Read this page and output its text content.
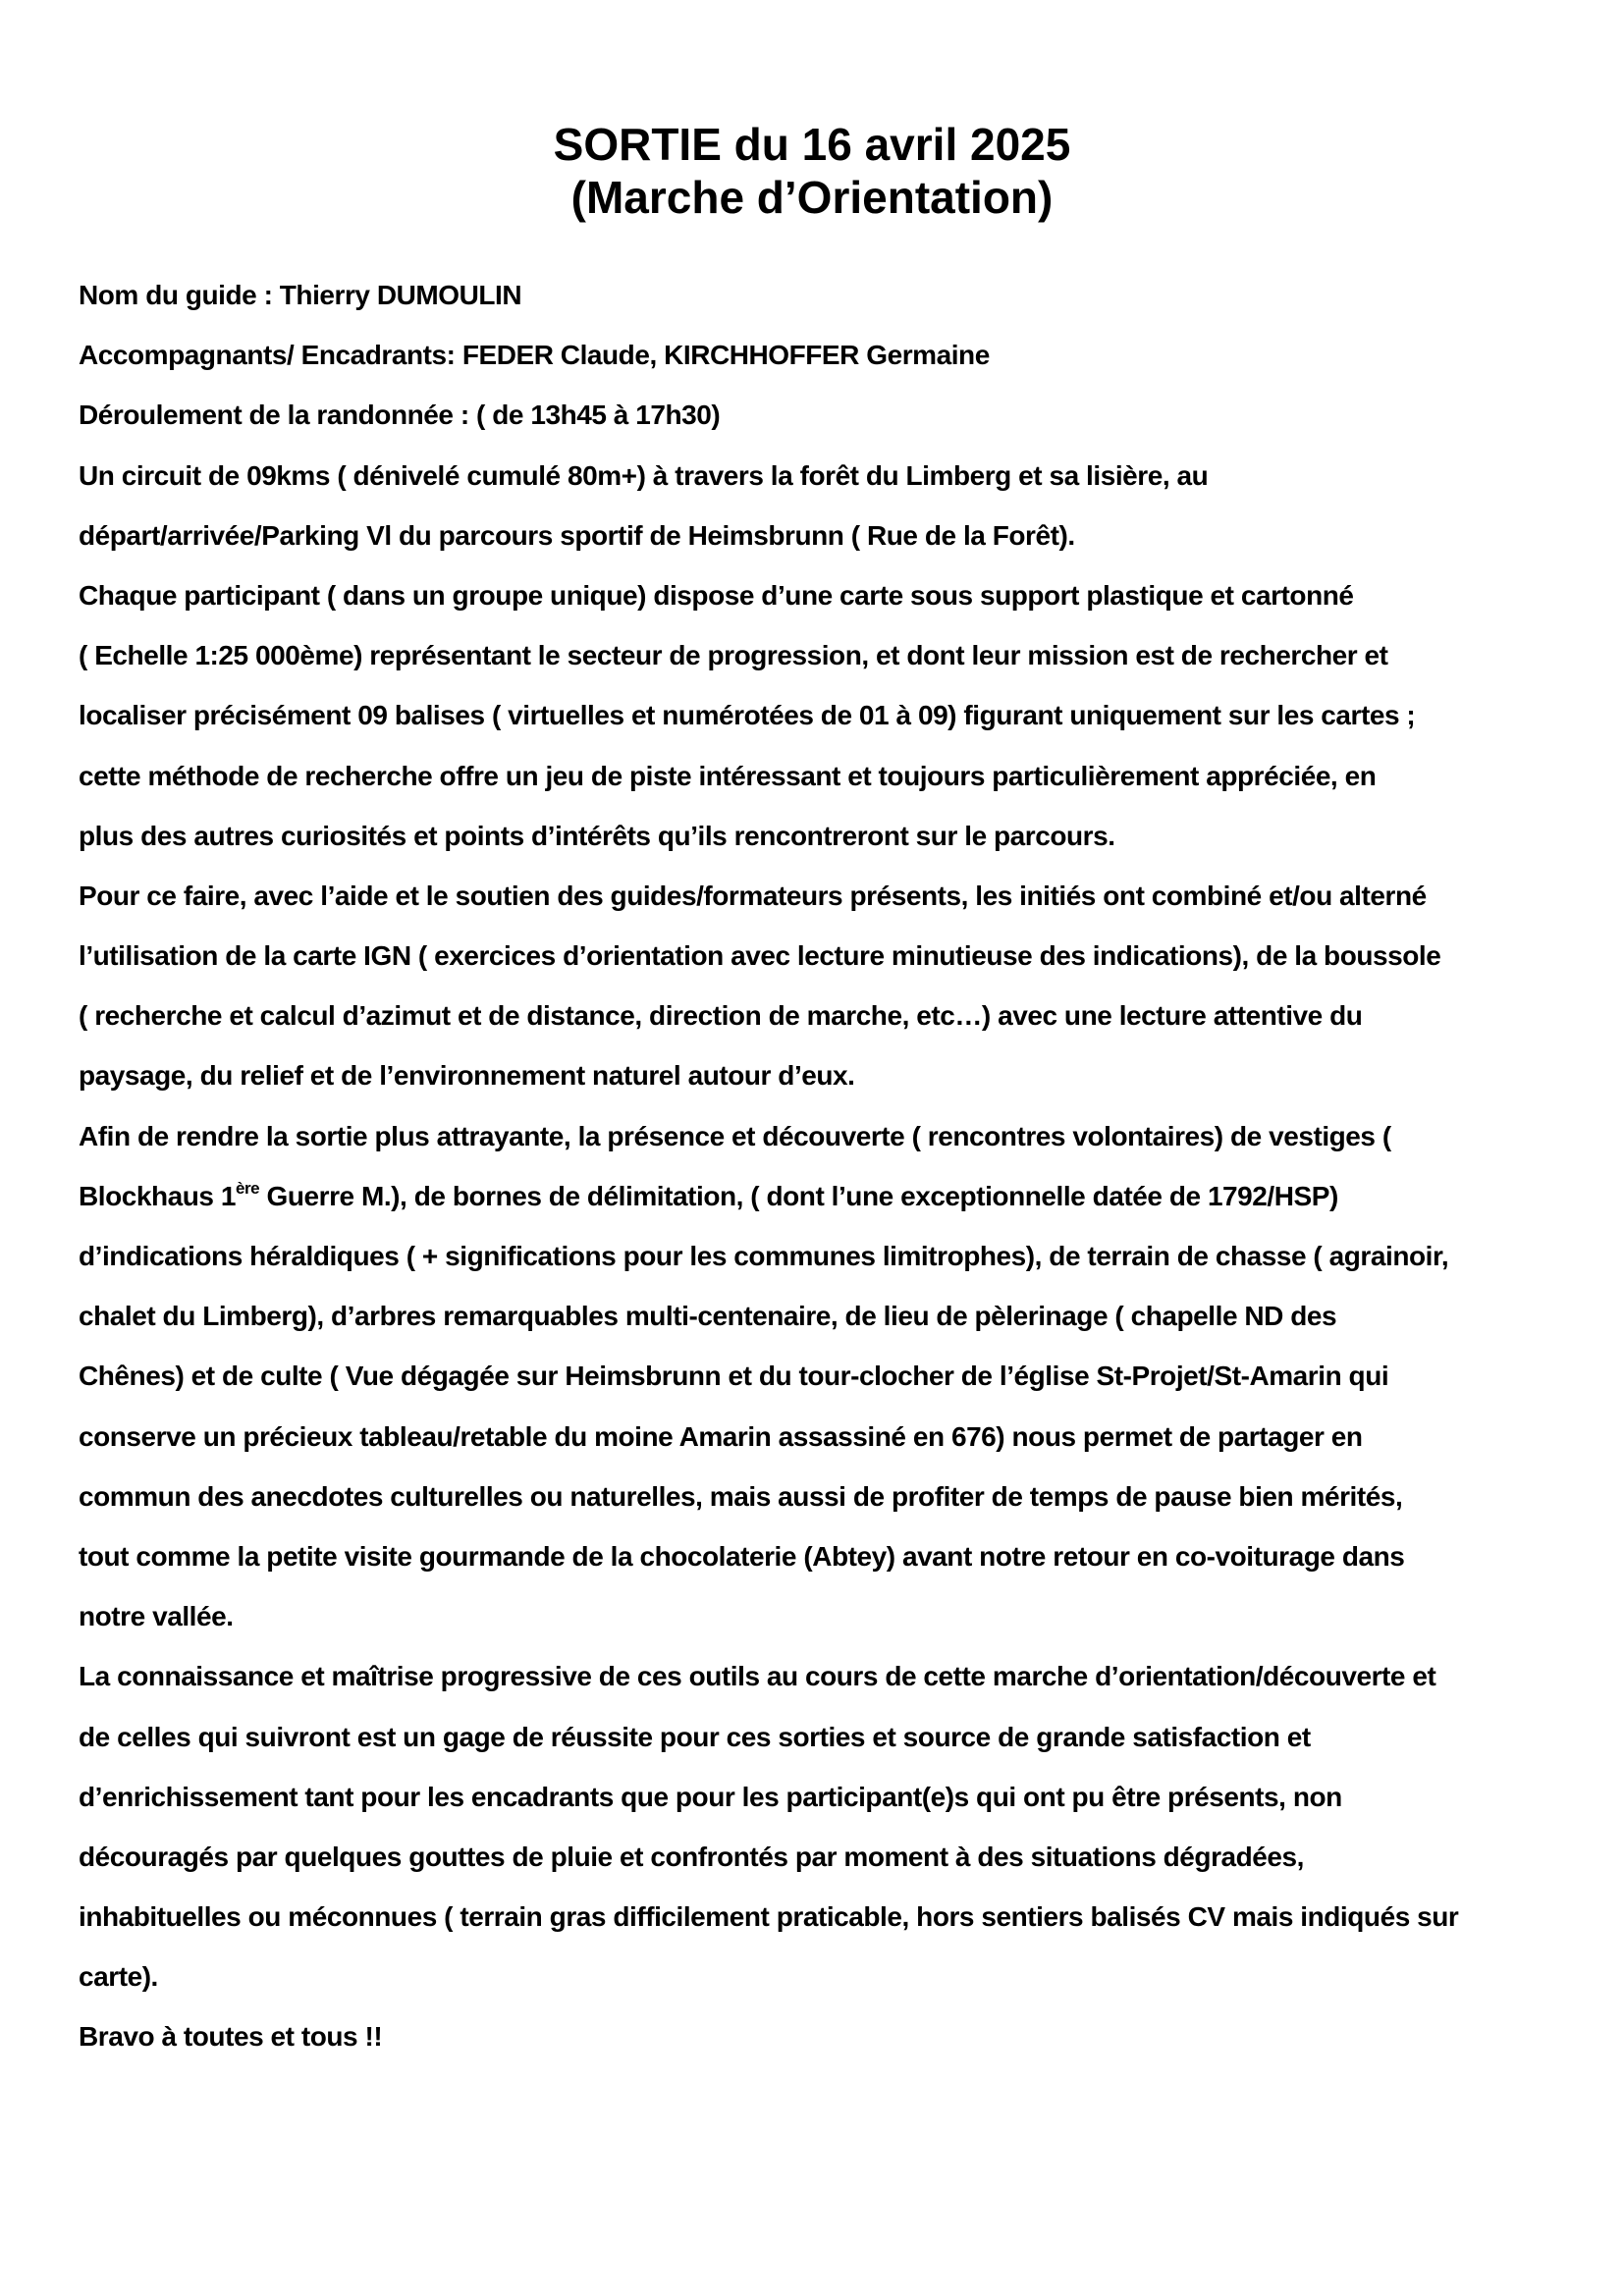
SORTIE du 16 avril 2025
(Marche d’Orientation)
Nom du guide : Thierry DUMOULIN
Accompagnants/ Encadrants: FEDER Claude, KIRCHHOFFER Germaine
Déroulement de la randonnée : ( de 13h45 à 17h30)
Un circuit de 09kms ( dénivelé cumulé 80m+) à travers la forêt du Limberg et sa lisière, au
départ/arrivée/Parking Vl du parcours sportif de Heimsbrunn ( Rue de la Forêt).
Chaque participant ( dans un groupe unique) dispose d’une carte sous support plastique et cartonné
( Echelle 1:25 000ème) représentant le secteur de progression, et dont leur mission est de rechercher et
localiser précisément 09 balises ( virtuelles et numérotées de 01 à 09) figurant uniquement sur les cartes ;
cette méthode de recherche offre un jeu de piste intéressant et toujours particulièrement appréciée, en
plus des autres curiosités et points d’intérêts qu’ils rencontreront sur le parcours.
Pour ce faire, avec l’aide et le soutien des guides/formateurs présents, les initiés ont combiné et/ou alterné
l’utilisation de la carte IGN ( exercices d’orientation avec lecture minutieuse des indications), de la boussole
( recherche et calcul d’azimut et de distance, direction de marche, etc…) avec une lecture attentive du
paysage, du relief et de l’environnement naturel autour d’eux.
Afin de rendre la sortie plus attrayante, la présence et découverte ( rencontres volontaires) de vestiges (
Blockhaus 1ère Guerre M.), de bornes de délimitation, ( dont l’une exceptionnelle datée de 1792/HSP)
d’indications héraldiques ( + significations pour les communes limitrophes), de terrain de chasse ( agrainoir,
chalet du Limberg), d’arbres remarquables multi-centenaire, de lieu de pèlerinage ( chapelle ND des
Chênes) et de culte ( Vue dégagée sur Heimsbrunn et du tour-clocher de l’église St-Projet/St-Amarin qui
conserve un précieux tableau/retable du moine Amarin assassiné en 676) nous permet de partager en
commun des anecdotes culturelles ou naturelles, mais aussi de profiter de temps de pause bien mérités,
tout comme la petite visite gourmande de la chocolaterie (Abtey) avant notre retour en co-voiturage dans
notre vallée.
La connaissance et maîtrise progressive de ces outils au cours de cette marche d’orientation/découverte et
de celles qui suivront est un gage de réussite pour ces sorties et source de grande satisfaction et
d’enrichissement tant pour les encadrants que pour les participant(e)s qui ont pu être présents, non
découragés par quelques gouttes de pluie et confrontés par moment à des situations dégradées,
inhabituelles ou méconnues ( terrain gras difficilement praticable, hors sentiers balisés CV mais indiqués sur
carte).
Bravo à toutes et tous !!
